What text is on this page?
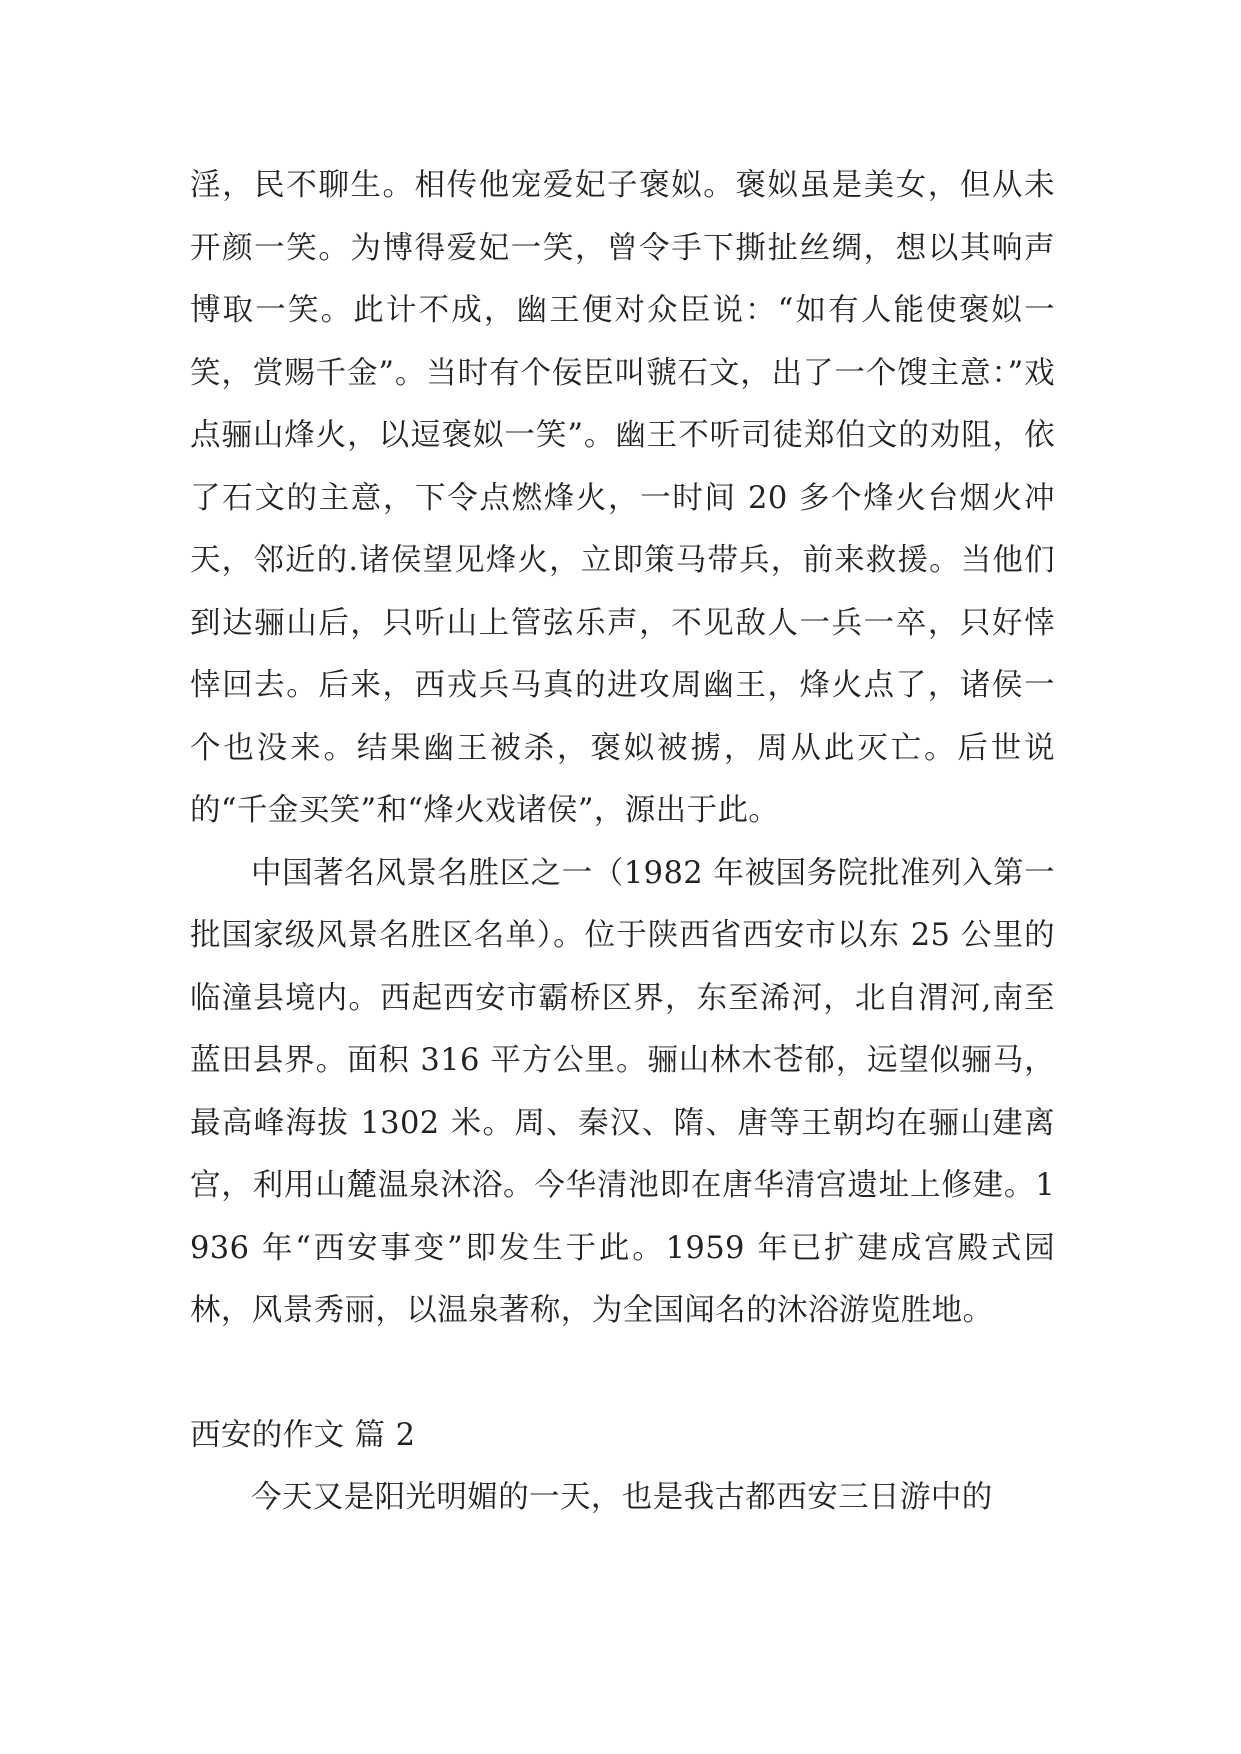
淫，民不聊生。相传他宠爱妃子褒姒。褒姒虽是美女，但从未开颜一笑。为博得爱妃一笑，曾令手下撕扯丝绸，想以其响声博取一笑。此计不成，幽王便对众臣说：“如有人能使褒姒一笑，赏赐千金”。当时有个佞臣叫虢石文，出了一个馊主意：”戏点骊山烽火，以逗褒姒一笑”。幽王不听司徒郑伯文的劝阻，依了石文的主意，下令点燃烽火，一时间 20 多个烽火台烟火冲天，邻近的.诸侯望见烽火，立即策马带兵，前来救援。当他们到达骊山后，只听山上管弦乐声，不见敌人一兵一卒，只好悻悻回去。后来，西戎兵马真的进攻周幽王，烽火点了，诸侯一个也没来。结果幽王被杀，褒姒被掳，周从此灭亡。后世说的“千金买笑”和“烽火戏诸侯”，源出于此。

中国著名风景名胜区之一（1982 年被国务院批准列入第一批国家级风景名胜区名单）。位于陕西省西安市以东 25 公里的临潼县境内。西起西安市霸桥区界，东至浠河，北自渭河,南至蓝田县界。面积 316 平方公里。骊山林木苍郁，远望似骊马，最高峰海拔 1302 米。周、秦汉、隋、唐等王朝均在骊山建离宫，利用山麓温泉沐浴。今华清池即在唐华清宫遗址上修建。1936 年“西安事变”即发生于此。1959 年已扩建成宫殿式园林，风景秀丽，以温泉著称，为全国闻名的沐浴游览胜地。

西安的作文 篇 2

今天又是阳光明媚的一天，也是我古都西安三日游中的
